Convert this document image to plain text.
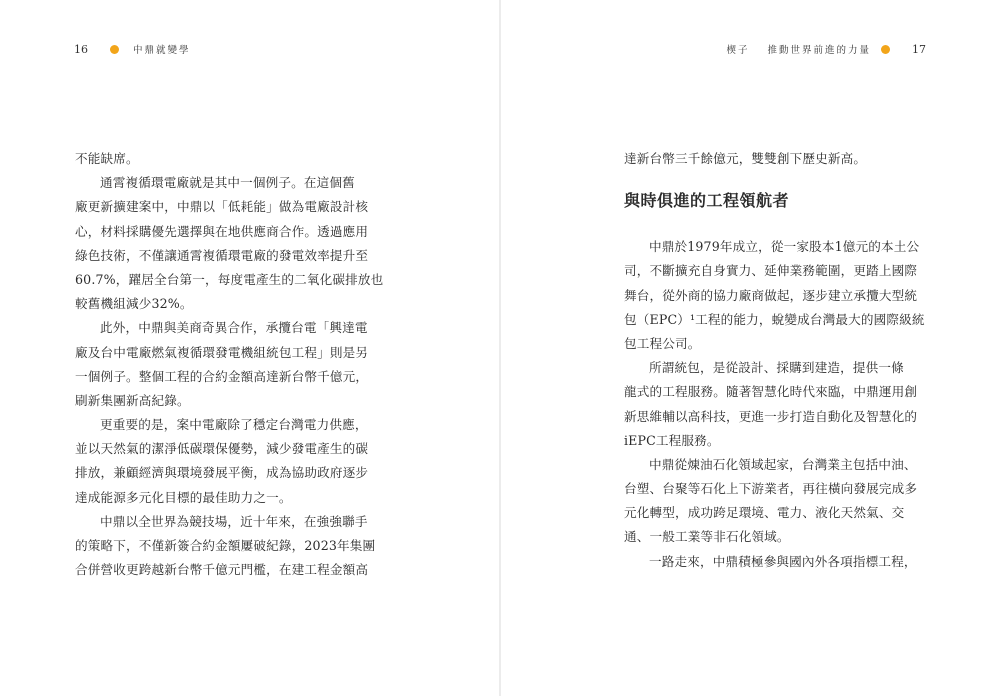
16	中鼎就變學
不能缺席。
通霄複循環電廠就是其中一個例子。在這個舊
廠更新擴建案中，中鼎以「低耗能」做為電廠設計核
心，材料採購優先選擇與在地供應商合作。透過應用
綠色技術，不僅讓通霄複循環電廠的發電效率提升至
60.7%，躍居全台第一，每度電產生的二氧化碳排放也
較舊機組減少32%。
此外，中鼎與美商奇異合作，承攬台電「興達電
廠及台中電廠燃氣複循環發電機組統包工程」則是另
一個例子。整個工程的合約金額高達新台幣千億元，
刷新集團新高紀錄。
更重要的是，案中電廠除了穩定台灣電力供應，
並以天然氣的潔淨低碳環保優勢，減少發電產生的碳
排放，兼顧經濟與環境發展平衡，成為協助政府逐步
達成能源多元化目標的最佳助力之一。
中鼎以全世界為競技場，近十年來，在強強聯手
的策略下，不僅新簽合約金額屢破紀錄，2023年集團
合併營收更跨越新台幣千億元門檻，在建工程金額高
楔子 推動世界前進的力量	17
達新台幣三千餘億元，雙雙創下歷史新高。
與時俱進的工程領航者
中鼎於1979年成立，從一家股本1億元的本土公
司，不斷擴充自身實力、延伸業務範圍，更踏上國際
舞台，從外商的協力廠商做起，逐步建立承攬大型統
包（EPC）¹工程的能力，蛻變成台灣最大的國際級統
包工程公司。
所謂統包，是從設計、採購到建造，提供一條
龍式的工程服務。隨著智慧化時代來臨，中鼎運用創
新思維輔以高科技，更進一步打造自動化及智慧化的
iEPC工程服務。
中鼎從煉油石化領域起家，台灣業主包括中油、
台塑、台聚等石化上下游業者，再往橫向發展完成多
元化轉型，成功跨足環境、電力、液化天然氣、交
通、一般工業等非石化領域。
一路走來，中鼎積極參與國內外各項指標工程，
